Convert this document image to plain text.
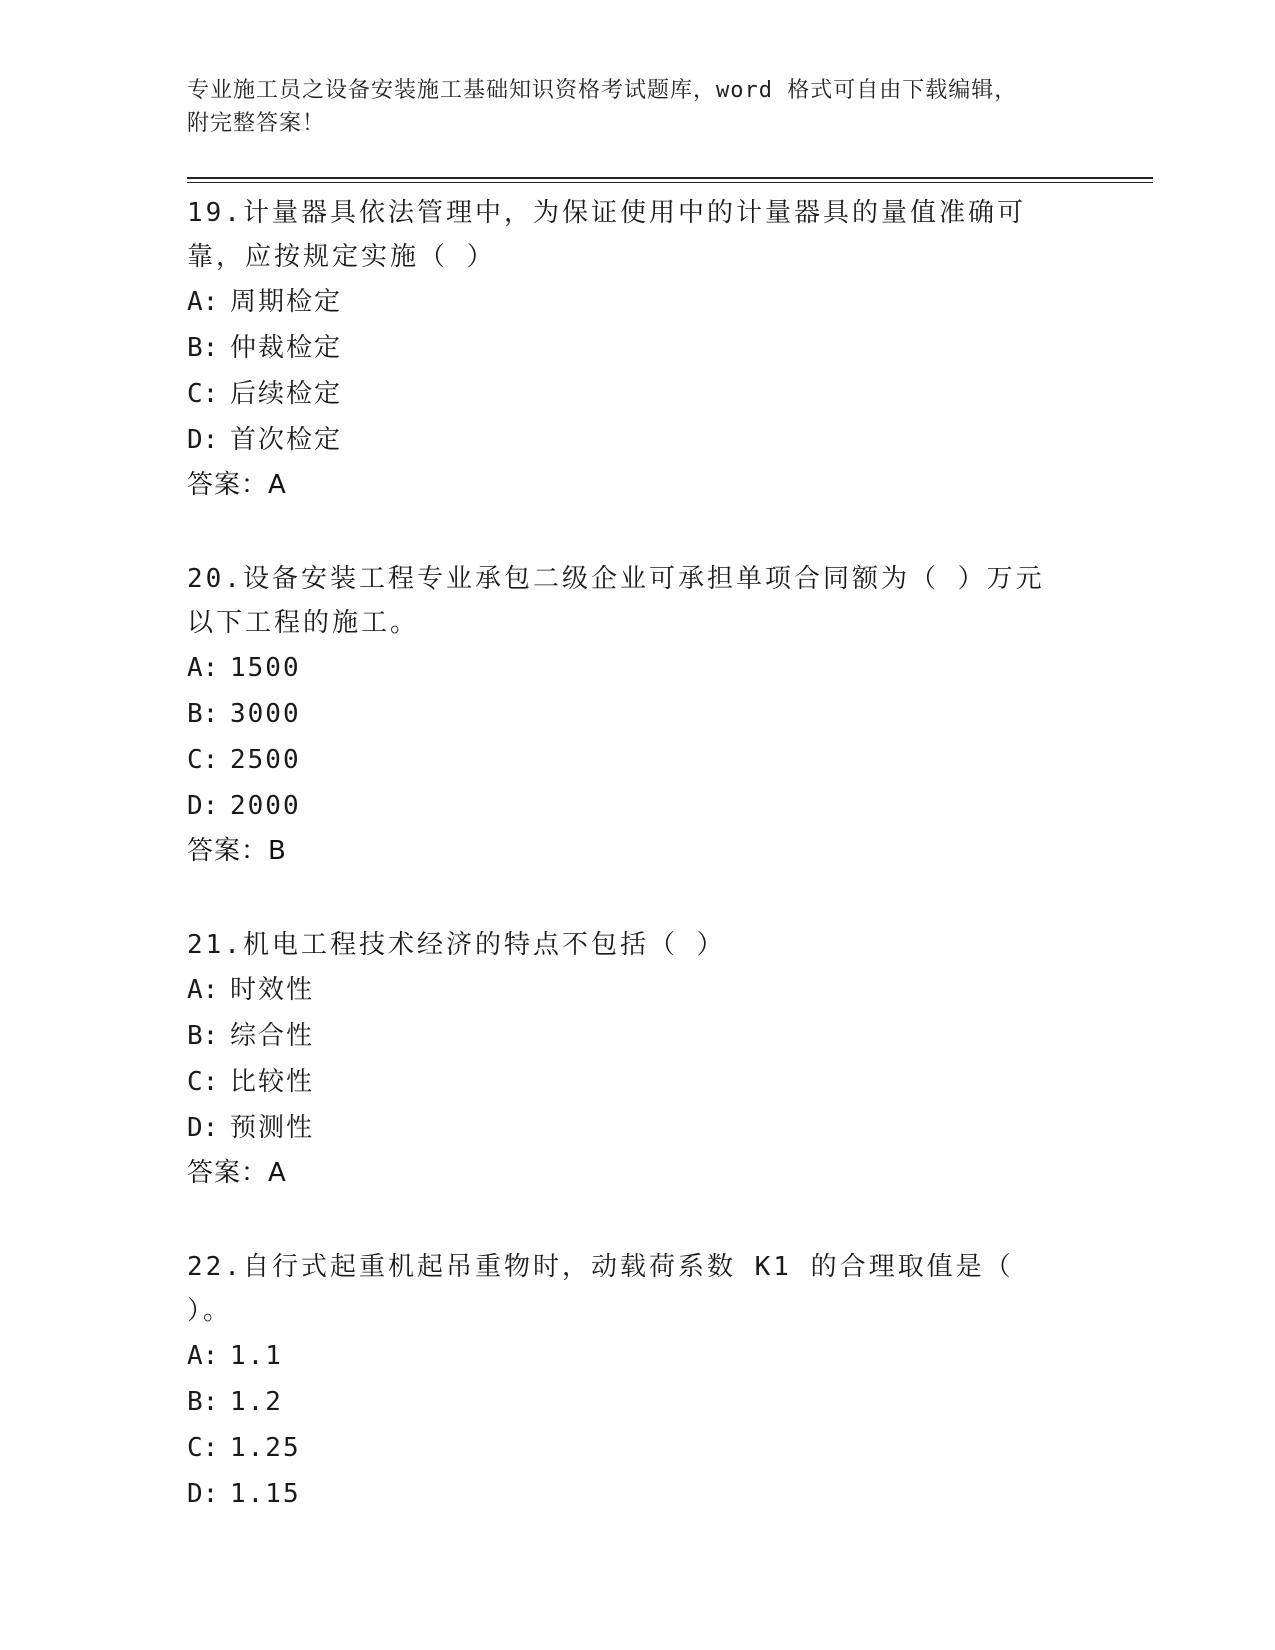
专业施工员之设备安装施工基础知识资格考试题库，word 格式可自由下载编辑，
附完整答案！
19.计量器具依法管理中，为保证使用中的计量器具的量值准确可靠，应按规定实施（ ）
A: 周期检定
B: 仲裁检定
C: 后续检定
D: 首次检定
答案：A
20.设备安装工程专业承包二级企业可承担单项合同额为（ ）万元以下工程的施工。
A: 1500
B: 3000
C: 2500
D: 2000
答案：B
21.机电工程技术经济的特点不包括（ ）
A: 时效性
B: 综合性
C: 比较性
D: 预测性
答案：A
22.自行式起重机起吊重物时，动载荷系数 K1 的合理取值是（ ）。
A: 1.1
B: 1.2
C: 1.25
D: 1.15
